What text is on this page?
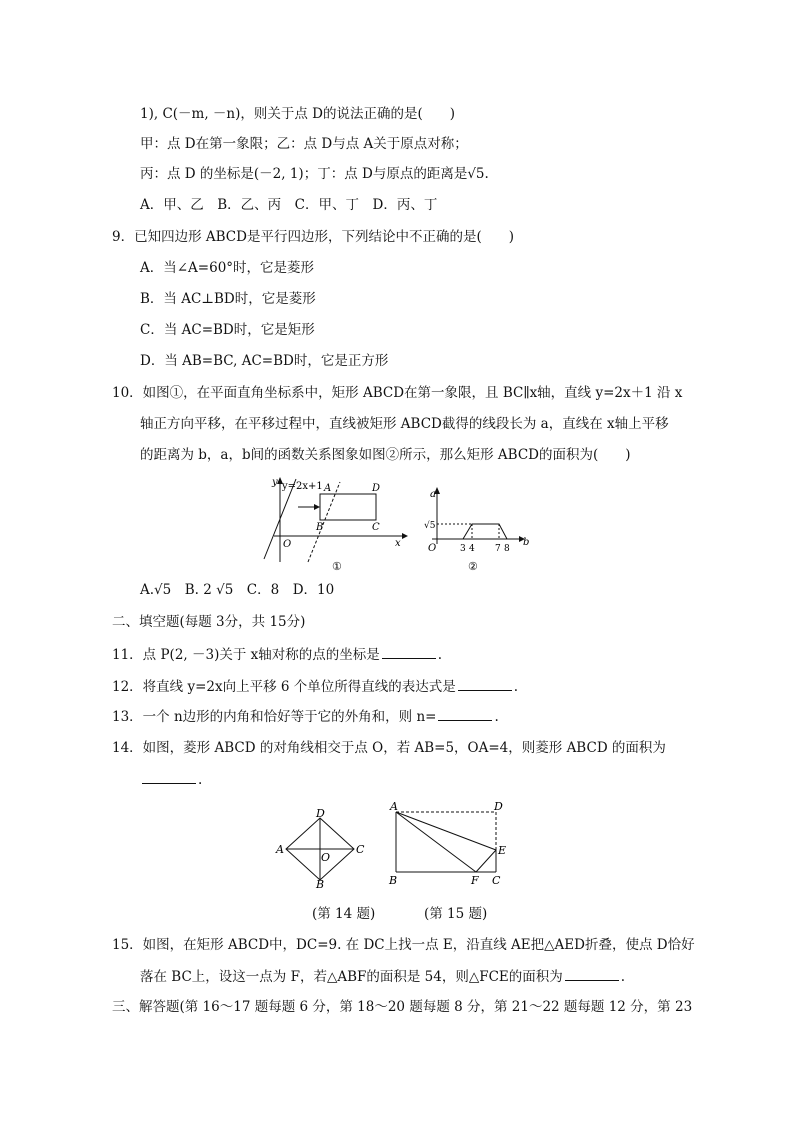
1), C(－m, －n)，则关于点 D的说法正确的是(　　)
甲：点 D在第一象限；乙：点 D与点 A关于原点对称；
丙：点 D 的坐标是(－2, 1)；丁：点 D与原点的距离是√5.
A．甲、乙　B．乙、丙　C．甲、丁　D．丙、丁
9．已知四边形 ABCD是平行四边形，下列结论中不正确的是(　　)
A．当∠A=60°时，它是菱形
B．当 AC⊥BD时，它是菱形
C．当 AC=BD时，它是矩形
D．当 AB=BC, AC=BD时，它是正方形
10．如图①，在平面直角坐标系中，矩形 ABCD在第一象限，且 BC∥x轴，直线 y=2x＋1 沿 x
轴正方向平移，在平移过程中，直线被矩形 ABCD截得的线段长为 a，直线在 x轴上平移
的距离为 b，a，b间的函数关系图象如图②所示，那么矩形 ABCD的面积为(　　)
y y=2x+1 A	D
B	C
O	x
①
a
√5
O	3 4 7 8
b
②
A.√5　B. 2 √5　C．8　D．10
二、填空题(每题 3分，共 15分)
11．点 P(2, －3)关于 x轴对称的点的坐标是	.
12．将直线 y=2x向上平移 6 个单位所得直线的表达式是	.
13．一个 n边形的内角和恰好等于它的外角和，则 n=	.
14．如图，菱形 ABCD 的对角线相交于点 O，若 AB=5，OA=4，则菱形 ABCD 的面积为
.
D
A	C
B
O
A	D
E
B	F C
(第 14 题)	(第 15 题)
15．如图，在矩形 ABCD中，DC=9. 在 DC上找一点 E，沿直线 AE把△AED折叠，使点 D恰好
落在 BC上，设这一点为 F，若△ABF的面积是 54，则△FCE的面积为	.
三、解答题(第 16～17 题每题 6 分，第 18～20 题每题 8 分，第 21～22 题每题 12 分，第 23
